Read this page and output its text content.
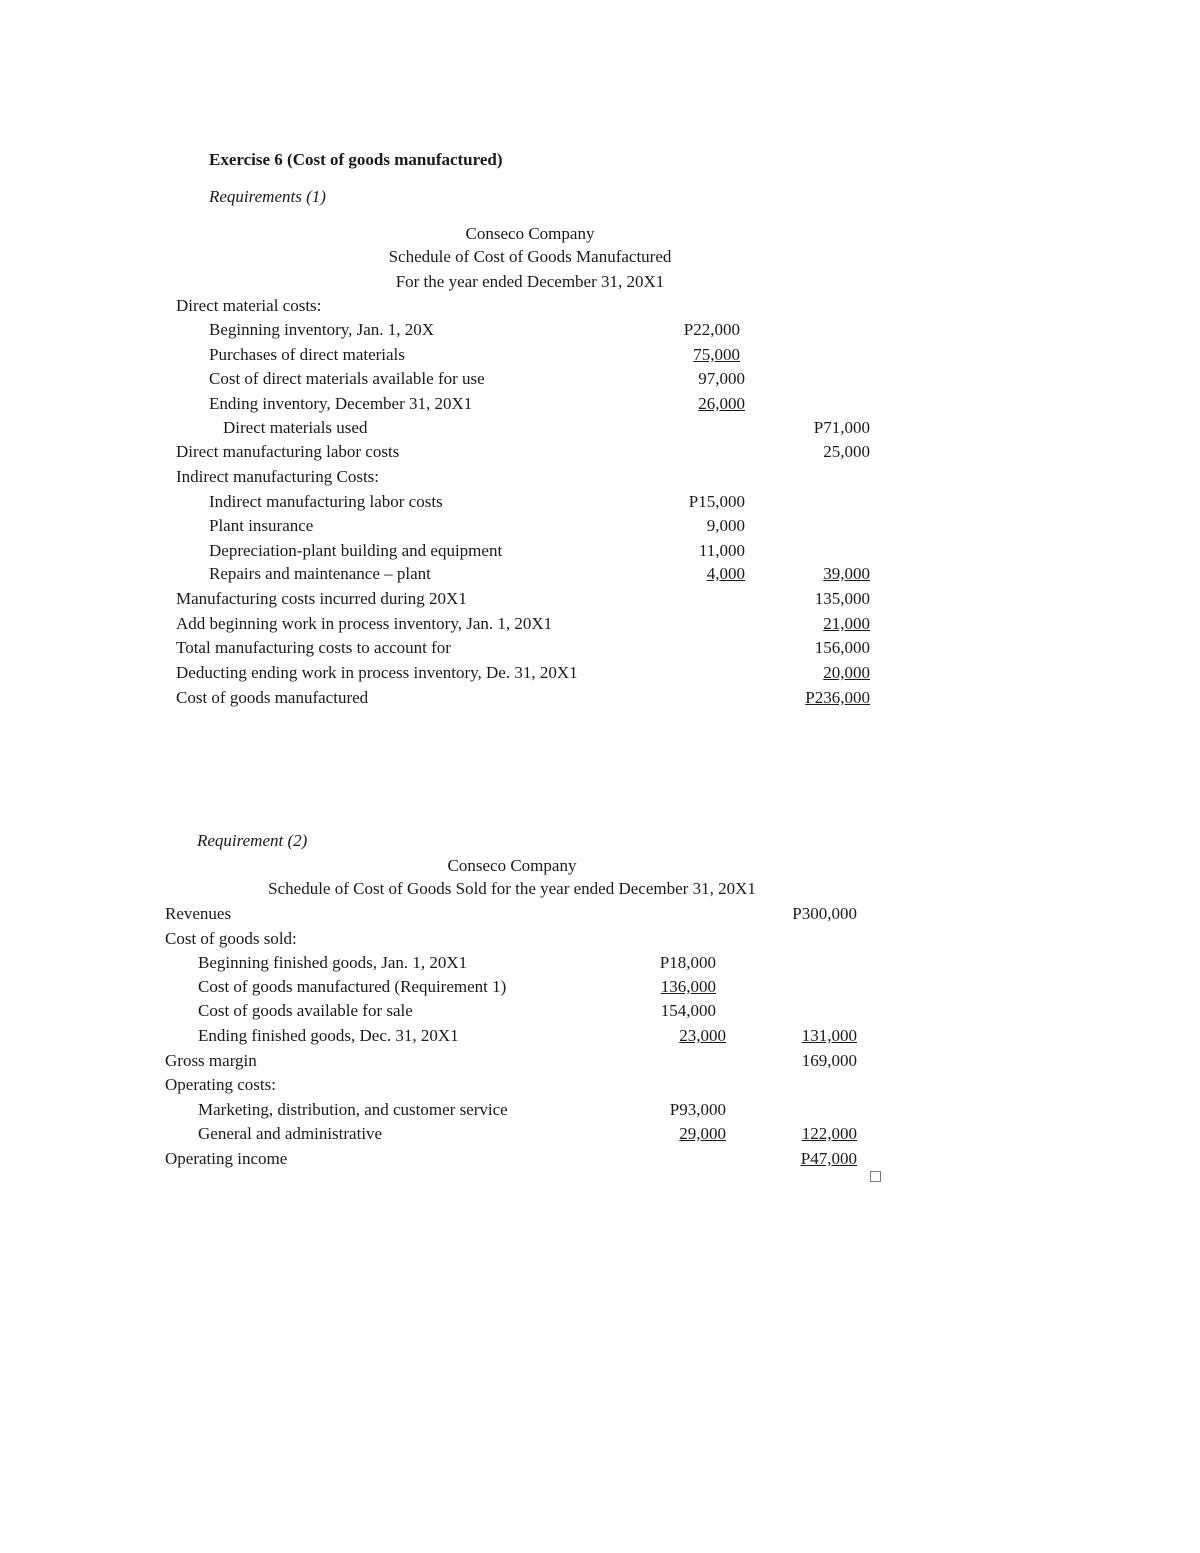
Exercise 6 (Cost of goods manufactured)
Requirements (1)
Conseco Company
Schedule of Cost of Goods Manufactured
For the year ended December 31, 20X1
Direct material costs:
Beginning inventory, Jan. 1, 20X	P22,000
Purchases of direct materials	75,000
Cost of direct materials available for use	97,000
Ending inventory, December 31, 20X1	26,000
Direct materials used	P71,000
Direct manufacturing labor costs	25,000
Indirect manufacturing Costs:
Indirect manufacturing labor costs	P15,000
Plant insurance	9,000
Depreciation-plant building and equipment	11,000
Repairs and maintenance – plant	4,000	39,000
Manufacturing costs incurred during 20X1	135,000
Add beginning work in process inventory, Jan. 1, 20X1	21,000
Total manufacturing costs to account for	156,000
Deducting ending work in process inventory, De. 31, 20X1	20,000
Cost of goods manufactured	P236,000
Requirement (2)
Conseco Company
Schedule of Cost of Goods Sold for the year ended December 31, 20X1
Revenues	P300,000
Cost of goods sold:
Beginning finished goods, Jan. 1, 20X1	P18,000
Cost of goods manufactured (Requirement 1)	136,000
Cost of goods available for sale	154,000
Ending finished goods, Dec. 31, 20X1	23,000	131,000
Gross margin	169,000
Operating costs:
Marketing, distribution, and customer service	P93,000
General and administrative	29,000	122,000
Operating income	P47,000
